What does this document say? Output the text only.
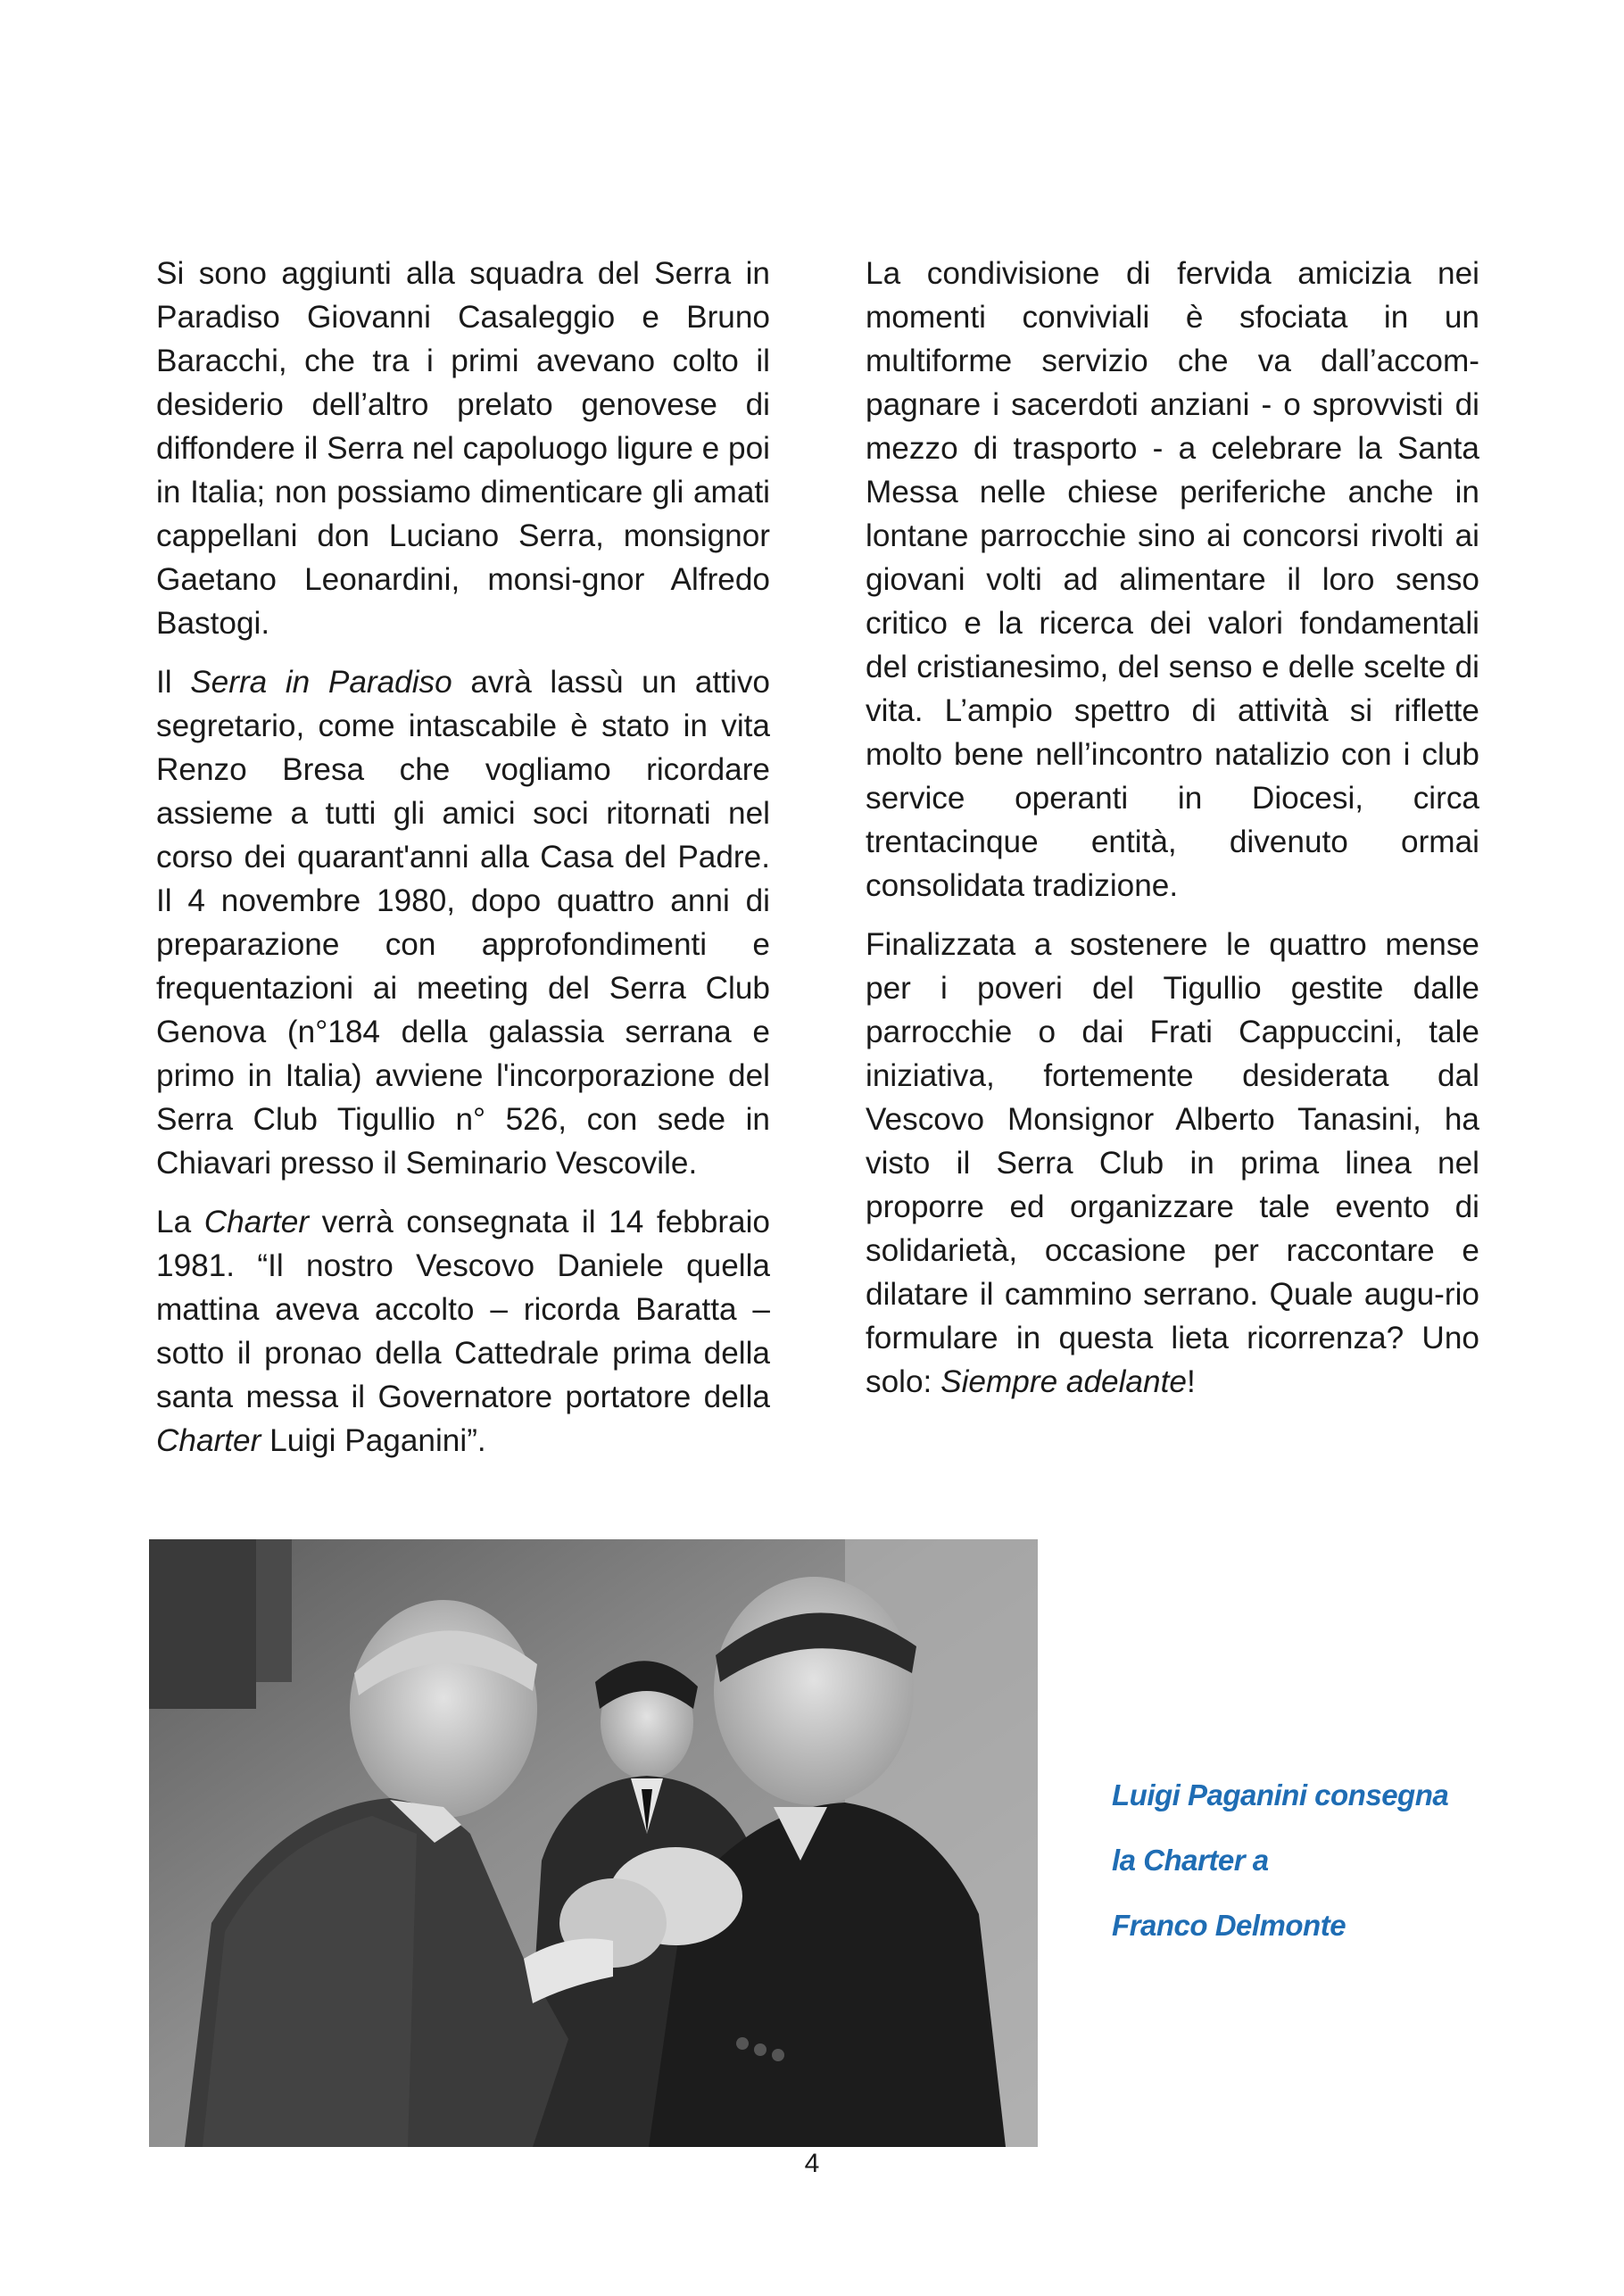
Si sono aggiunti alla squadra del Serra in Paradiso Giovanni Casaleggio e Bruno Baracchi, che tra i primi avevano colto il desiderio dell’altro prelato genovese di diffondere il Serra nel capoluogo ligure e poi in Italia; non possiamo dimenticare gli amati cappellani don Luciano Serra, monsignor Gaetano Leonardini, monsi-gnor Alfredo Bastogi.

Il Serra in Paradiso avrà lassù un attivo segretario, come intascabile è stato in vita Renzo Bresa che vogliamo ricordare assieme a tutti gli amici soci ritornati nel corso dei quarant'anni alla Casa del Padre. Il 4 novembre 1980, dopo quattro anni di preparazione con approfondimenti e frequentazioni ai meeting del Serra Club Genova (n°184 della galassia serrana e primo in Italia) avviene l'incorporazione del Serra Club Tigullio n° 526, con sede in Chiavari presso il Seminario Vescovile.

La Charter verrà consegnata il 14 febbraio 1981. “Il nostro Vescovo Daniele quella mattina aveva accolto – ricorda Baratta – sotto il pronao della Cattedrale prima della santa messa il Governatore portatore della Charter Luigi Paganini”.

La condivisione di fervida amicizia nei momenti conviviali è sfociata in un multiforme servizio che va dall’accom-pagnare i sacerdoti anziani - o sprovvisti di mezzo di trasporto - a celebrare la Santa Messa nelle chiese periferiche anche in lontane parrocchie sino ai concorsi rivolti ai giovani volti ad alimentare il loro senso critico e la ricerca dei valori fondamentali del cristianesimo, del senso e delle scelte di vita. L’ampio spettro di attività si riflette molto bene nell’incontro natalizio con i club service operanti in Diocesi, circa trentacinque entità, divenuto ormai consolidata tradizione.

Finalizzata a sostenere le quattro mense per i poveri del Tigullio gestite dalle parrocchie o dai Frati Cappuccini, tale iniziativa, fortemente desiderata dal Vescovo Monsignor Alberto Tanasini, ha visto il Serra Club in prima linea nel proporre ed organizzare tale evento di solidarietà, occasione per raccontare e dilatare il cammino serrano. Quale augu-rio formulare in questa lieta ricorrenza? Uno solo: Siempre adelante!

Luigi Paganini consegna
la Charter a
Franco Delmonte
4
